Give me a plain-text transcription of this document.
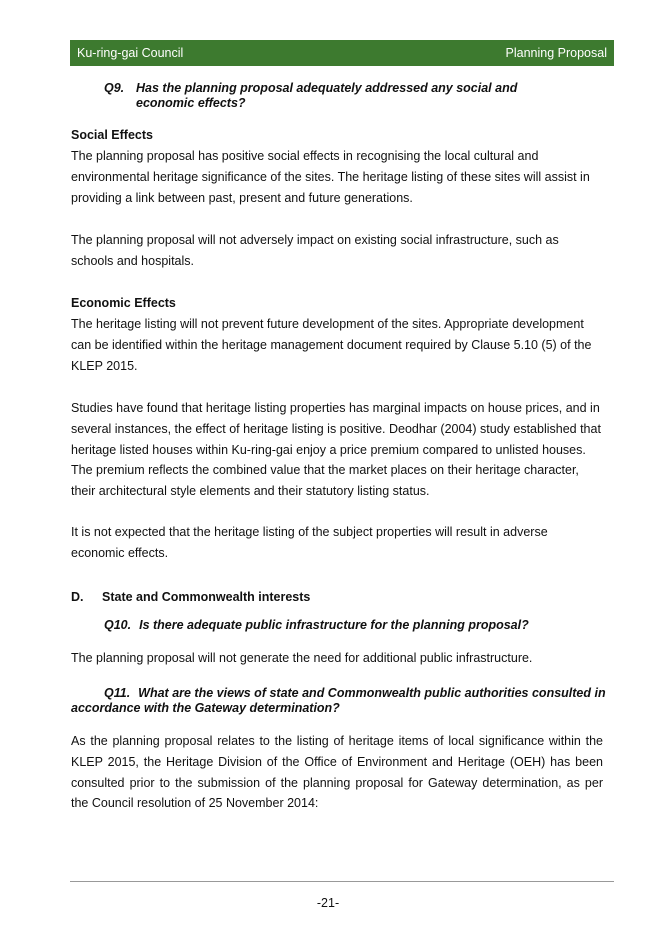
Ku-ring-gai Council	Planning Proposal
Q9. Has the planning proposal adequately addressed any social and economic effects?
Social Effects

The planning proposal has positive social effects in recognising the local cultural and environmental heritage significance of the sites. The heritage listing of these sites will assist in providing a link between past, present and future generations.

The planning proposal will not adversely impact on existing social infrastructure, such as schools and hospitals.

Economic Effects

The heritage listing will not prevent future development of the sites. Appropriate development can be identified within the heritage management document required by Clause 5.10 (5) of the KLEP 2015.

Studies have found that heritage listing properties has marginal impacts on house prices, and in several instances, the effect of heritage listing is positive. Deodhar (2004) study established that heritage listed houses within Ku-ring-gai enjoy a price premium compared to unlisted houses. The premium reflects the combined value that the market places on their heritage character, their architectural style elements and their statutory listing status.

It is not expected that the heritage listing of the subject properties will result in adverse economic effects.

D.	State and Commonwealth interests
Q10. Is there adequate public infrastructure for the planning proposal?

The planning proposal will not generate the need for additional public infrastructure.

Q11. What are the views of state and Commonwealth public authorities consulted in accordance with the Gateway determination?

As the planning proposal relates to the listing of heritage items of local significance within the KLEP 2015, the Heritage Division of the Office of Environment and Heritage (OEH) has been consulted prior to the submission of the planning proposal for Gateway determination, as per the Council resolution of 25 November 2014:

-21-
